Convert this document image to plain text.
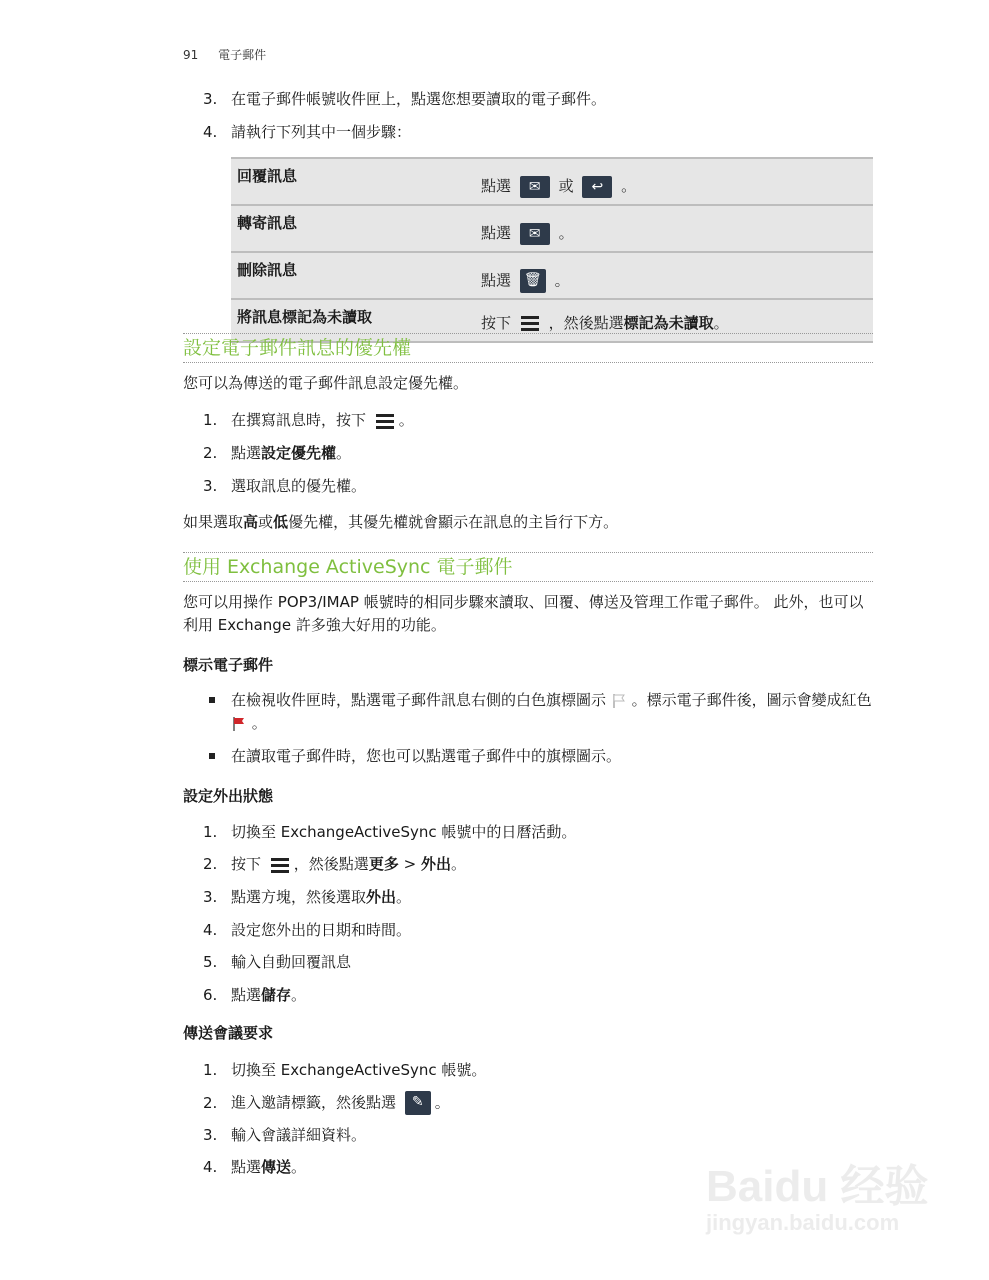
91 電子郵件
3. 在電子郵件帳號收件匣上，點選您想要讀取的電子郵件。
4. 請執行下列其中一個步驟：
回覆訊息	點選 ✉ 或 ↩ 。
轉寄訊息	點選 ✉ 。
刪除訊息	點選 🗑 。
將訊息標記為未讀取	按下 ，然後點選標記為未讀取。
設定電子郵件訊息的優先權
您可以為傳送的電子郵件訊息設定優先權。
1. 在撰寫訊息時，按下 。
2. 點選設定優先權。
3. 選取訊息的優先權。
如果選取高或低優先權，其優先權就會顯示在訊息的主旨行下方。
使用 Exchange ActiveSync 電子郵件
您可以用操作 POP3/IMAP 帳號時的相同步驟來讀取、回覆、傳送及管理工作電子郵件。 此外，也可以利用 Exchange 許多強大好用的功能。
標示電子郵件
在檢視收件匣時，點選電子郵件訊息右側的白色旗標圖示 。標示電子郵件後，圖示會變成紅色  。
在讀取電子郵件時，您也可以點選電子郵件中的旗標圖示。
設定外出狀態
1. 切換至 ExchangeActiveSync 帳號中的日曆活動。
2. 按下 ，然後點選更多 > 外出。
3. 點選方塊，然後選取外出。
4. 設定您外出的日期和時間。
5. 輸入自動回覆訊息
6. 點選儲存。
傳送會議要求
1. 切換至 ExchangeActiveSync 帳號。
2. 進入邀請標籤，然後點選 ✎ 。
3. 輸入會議詳細資料。
4. 點選傳送。	Baidu 经验
jingyan.baidu.com
